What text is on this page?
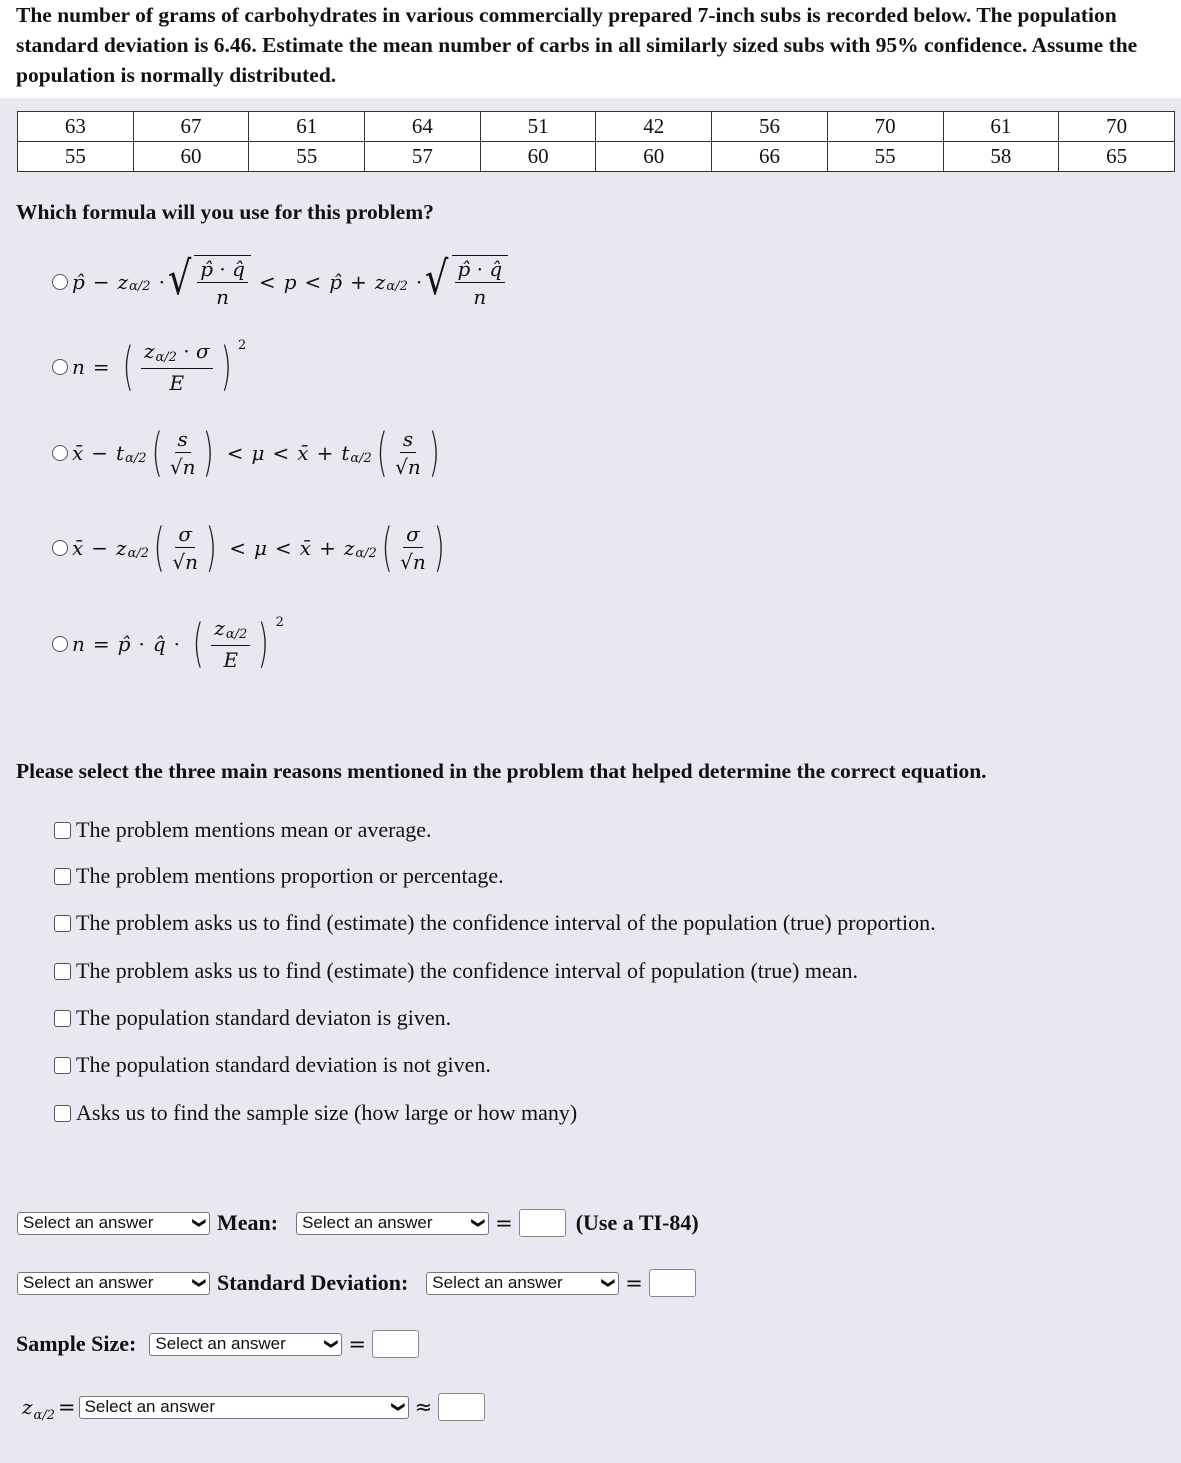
The number of grams of carbohydrates in various commercially prepared 7-inch subs is recorded below. The population standard deviation is 6.46. Estimate the mean number of carbs in all similarly sized subs with 95% confidence. Assume the population is normally distributed.
63	67	61	64	51	42	56	70	61	70
55	60	55	57	60	60	66	55	58	65
Which formula will you use for this problem?
p̂ − z α/2 · √ $\frac{p̂ \cdot q̂}{n} < p$ < p̂ + z α/2 · √ $\frac{p̂ \cdot q̂}{n}$
n = ( $\frac{z\alpha/2 \cdot \sigma}{E}$ ) 2
x̄ − t α/2 ( $\frac{s}{√n}$ ) < μ < x̄ + t α/2 ( $\frac{s}{√n}$ )
x̄ − z α/2 ( $\frac{\sigma}{√n}$ ) < μ < x̄ + z α/2 ( $\frac{\sigma}{√n}$ )
n = p̂ · q̂ · ( $\frac{z\alpha/2}{E}$ ) 2
Please select the three main reasons mentioned in the problem that helped determine the correct equation.
The problem mentions mean or average.
The problem mentions proportion or percentage.
The problem asks us to find (estimate) the confidence interval of the population (true) proportion.
The problem asks us to find (estimate) the confidence interval of population (true) mean.
The population standard deviaton is given.
The population standard deviation is not given.
Asks us to find the sample size (how large or how many)
Select an answer	❯ Mean: Select an answer	❯ =	(Use a TI-84)
Select an answer	❯ Standard Deviation: Select an answer	❯ =
Sample Size: Select an answer	❯ =
$z_{\alpha/2}$ = Select an answer	❯ ≈
